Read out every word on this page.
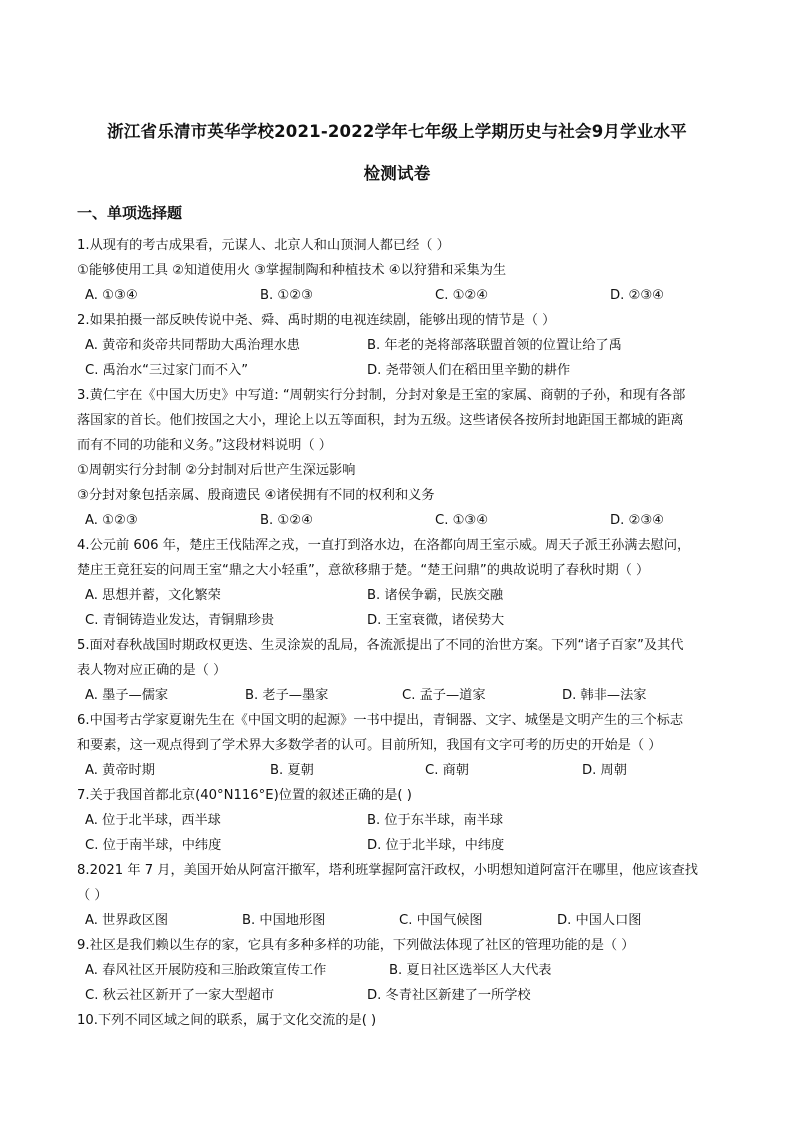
浙江省乐清市英华学校2021-2022学年七年级上学期历史与社会9月学业水平
检测试卷
一、单项选择题
1.从现有的考古成果看，元谋人、北京人和山顶洞人都已经（ ）
①能够使用工具 ②知道使用火 ③掌握制陶和种植技术 ④以狩猎和采集为生
A. ①③④	B. ①②③	C. ①②④	D. ②③④
2.如果拍摄一部反映传说中尧、舜、禹时期的电视连续剧，能够出现的情节是（ ）
A. 黄帝和炎帝共同帮助大禹治理水患	B. 年老的尧将部落联盟首领的位置让给了禹
C. 禹治水“三过家门而不入”	D. 尧带领人们在稻田里辛勤的耕作
3.黄仁宇在《中国大历史》中写道: “周朝实行分封制，分封对象是王室的家属、商朝的子孙，和现有各部
落国家的首长。他们按国之大小，理论上以五等面积，封为五级。这些诸侯各按所封地距国王都城的距离
而有不同的功能和义务。”这段材料说明（ ）
①周朝实行分封制 ②分封制对后世产生深远影响
③分封对象包括亲属、殷商遗民 ④诸侯拥有不同的权利和义务
A. ①②③	B. ①②④	C. ①③④	D. ②③④
4.公元前 606 年，楚庄王伐陆浑之戎，一直打到洛水边，在洛都向周王室示威。周天子派王孙满去慰问，
楚庄王竟狂妄的问周王室“鼎之大小轻重”，意欲移鼎于楚。“楚王问鼎”的典故说明了春秋时期（ ）
A. 思想并蓄，文化繁荣	B. 诸侯争霸，民族交融
C. 青铜铸造业发达，青铜鼎珍贵	D. 王室衰微，诸侯势大
5.面对春秋战国时期政权更迭、生灵涂炭的乱局，各流派提出了不同的治世方案。下列“诸子百家”及其代
表人物对应正确的是（ ）
A. 墨子—儒家	B. 老子—墨家	C. 孟子—道家	D. 韩非—法家
6.中国考古学家夏谢先生在《中国文明的起源》一书中提出，青铜器、文字、城堡是文明产生的三个标志
和要素，这一观点得到了学术界大多数学者的认可。目前所知，我国有文字可考的历史的开始是（ ）
A. 黄帝时期	B. 夏朝	C. 商朝	D. 周朝
7.关于我国首都北京(40°N116°E)位置的叙述正确的是( )
A. 位于北半球，西半球	B. 位于东半球，南半球
C. 位于南半球，中纬度	D. 位于北半球，中纬度
8.2021 年 7 月，美国开始从阿富汗撤军，塔利班掌握阿富汗政权，小明想知道阿富汗在哪里，他应该查找
（ ）
A. 世界政区图	B. 中国地形图	C. 中国气候图	D. 中国人口图
9.社区是我们赖以生存的家，它具有多种多样的功能，下列做法体现了社区的管理功能的是（ ）
A. 春风社区开展防疫和三胎政策宣传工作	B. 夏日社区选举区人大代表
C. 秋云社区新开了一家大型超市	D. 冬青社区新建了一所学校
10.下列不同区域之间的联系，属于文化交流的是( )
